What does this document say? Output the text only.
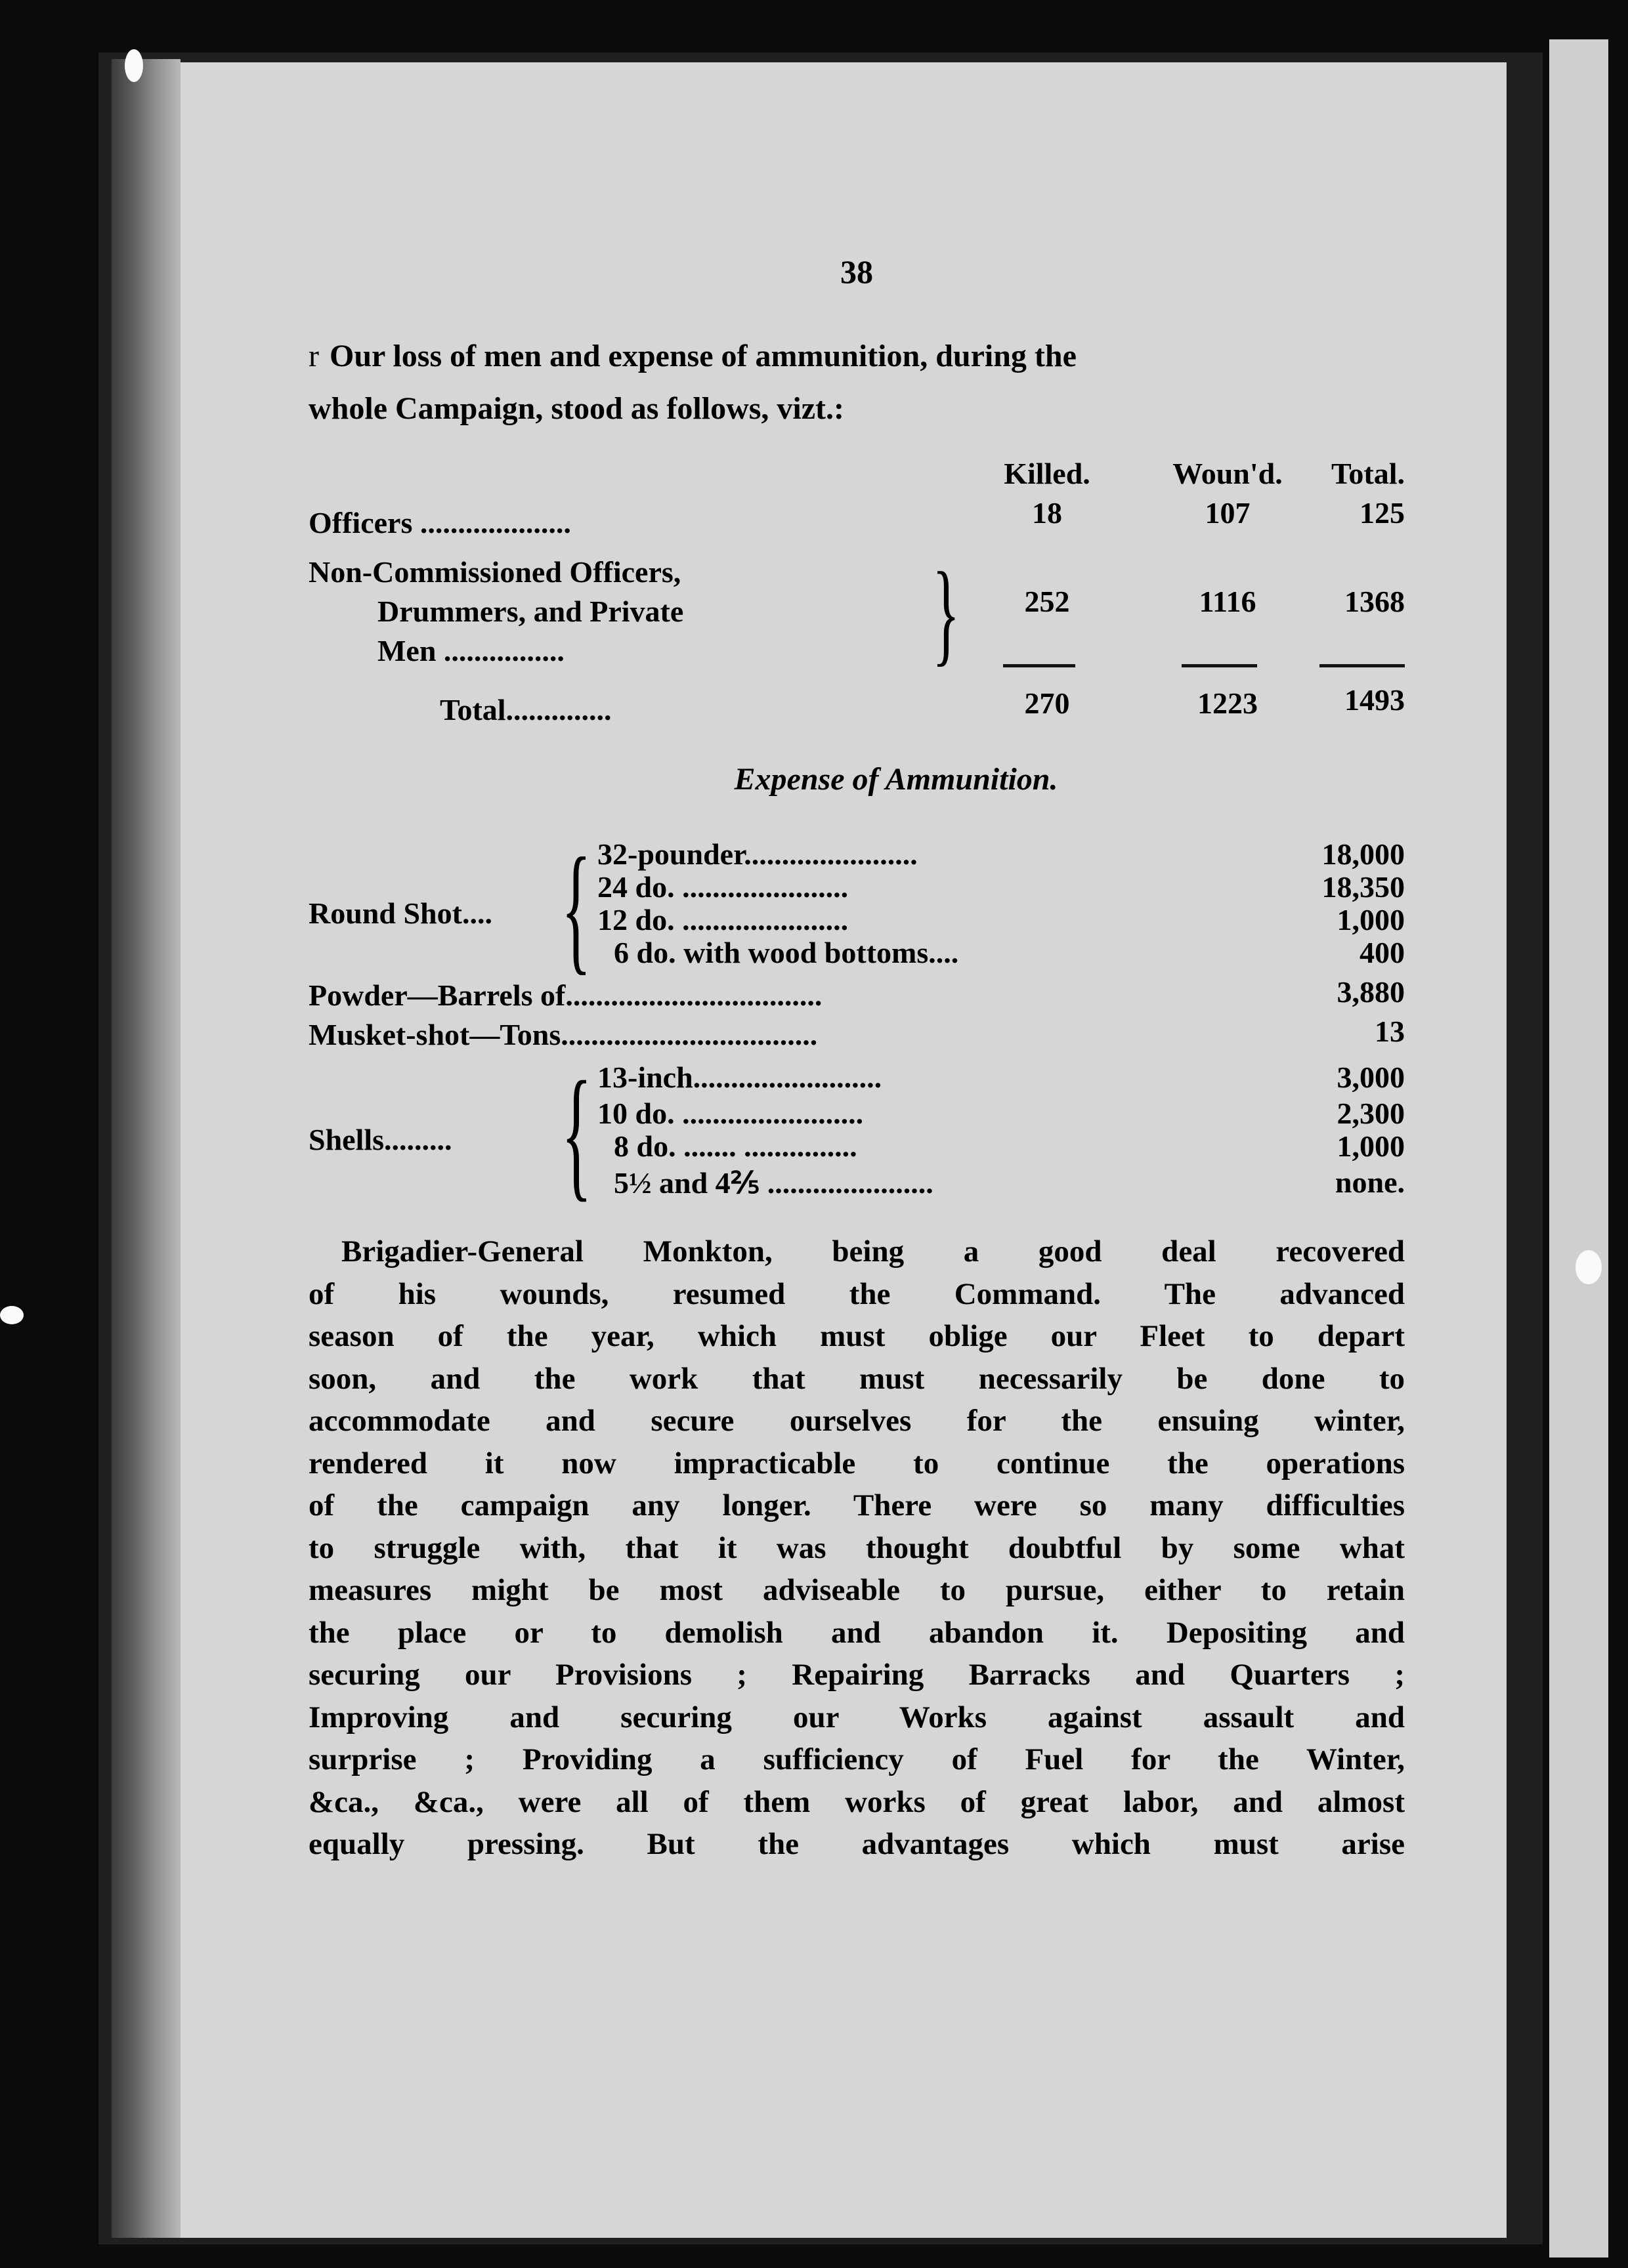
38
r Our loss of men and expense of ammunition, during the
whole Campaign, stood as follows, vizt.:
Killed.	Woun'd.	Total.
Officers ....................	18	107	125
Non-Commissioned Officers,
Drummers, and Private
Men ................	}	252	1116	1368
Total..............	270	1223	1493
Expense of Ammunition.
Round Shot.... { 32-pounder.......................	18,000
24 do. ......................	18,350
12 do. ......................	1,000
6 do. with wood bottoms....	400
Powder—Barrels of..................................	3,880
Musket-shot—Tons..................................	13
Shells......... { 13-inch.........................	3,000
10 do. ........................	2,300
8 do. ....... ...............	1,000
5½ and 4⅖ ......................	none.
Brigadier-General Monkton, being a good deal recovered
of his wounds, resumed the Command. The advanced
season of the year, which must oblige our Fleet to depart
soon, and the work that must necessarily be done to
accommodate and secure ourselves for the ensuing winter,
rendered it now impracticable to continue the operations
of the campaign any longer. There were so many difficulties
to struggle with, that it was thought doubtful by some what
measures might be most adviseable to pursue, either to retain
the place or to demolish and abandon it. Depositing and
securing our Provisions ; Repairing Barracks and Quarters ;
Improving and securing our Works against assault and
surprise ; Providing a sufficiency of Fuel for the Winter,
&ca., &ca., were all of them works of great labor, and almost
equally pressing. But the advantages which must arise
